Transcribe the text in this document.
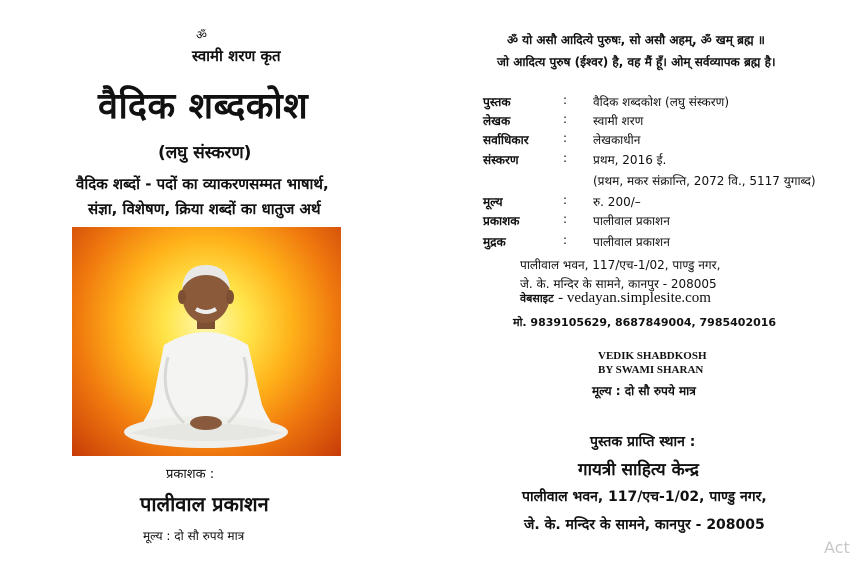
ॐ
स्वामी शरण कृत
वैदिक शब्दकोश
(लघु संस्करण)
वैदिक शब्दों - पदों का व्याकरणसम्मत भाषार्थ,
संज्ञा, विशेषण, क्रिया शब्दों का धातुज अर्थ
प्रकाशक :
पालीवाल प्रकाशन
मूल्य : दो सौ रुपये मात्र
ॐ यो असौ आदित्ये पुरुषः, सो असौ अहम्, ॐ खम् ब्रह्म ॥
जो आदित्य पुरुष (ईश्वर) है, वह मैं हूँ। ओम् सर्वव्यापक ब्रह्म है।
पुस्तक	: वैदिक शब्दकोश (लघु संस्करण)
लेखक	: स्वामी शरण
सर्वाधिकार	: लेखकाधीन
संस्करण	: प्रथम, 2016 ई.
(प्रथम, मकर संक्रान्ति, 2072 वि., 5117 युगाब्द)
मूल्य	: रु. 200/–
प्रकाशक	: पालीवाल प्रकाशन
मुद्रक	: पालीवाल प्रकाशन
पालीवाल भवन, 117/एच-1/02, पाण्डु नगर,
जे. के. मन्दिर के सामने, कानपुर - 208005
वेबसाइट - vedayan.simplesite.com
मो. 9839105629, 8687849004, 7985402016
VEDIK SHABDKOSH
BY SWAMI SHARAN
मूल्य : दो सौ रुपये मात्र
पुस्तक प्राप्ति स्थान :
गायत्री साहित्य केन्द्र
पालीवाल भवन, 117/एच-1/02, पाण्डु नगर,
जे. के. मन्दिर के सामने, कानपुर - 208005
Act
